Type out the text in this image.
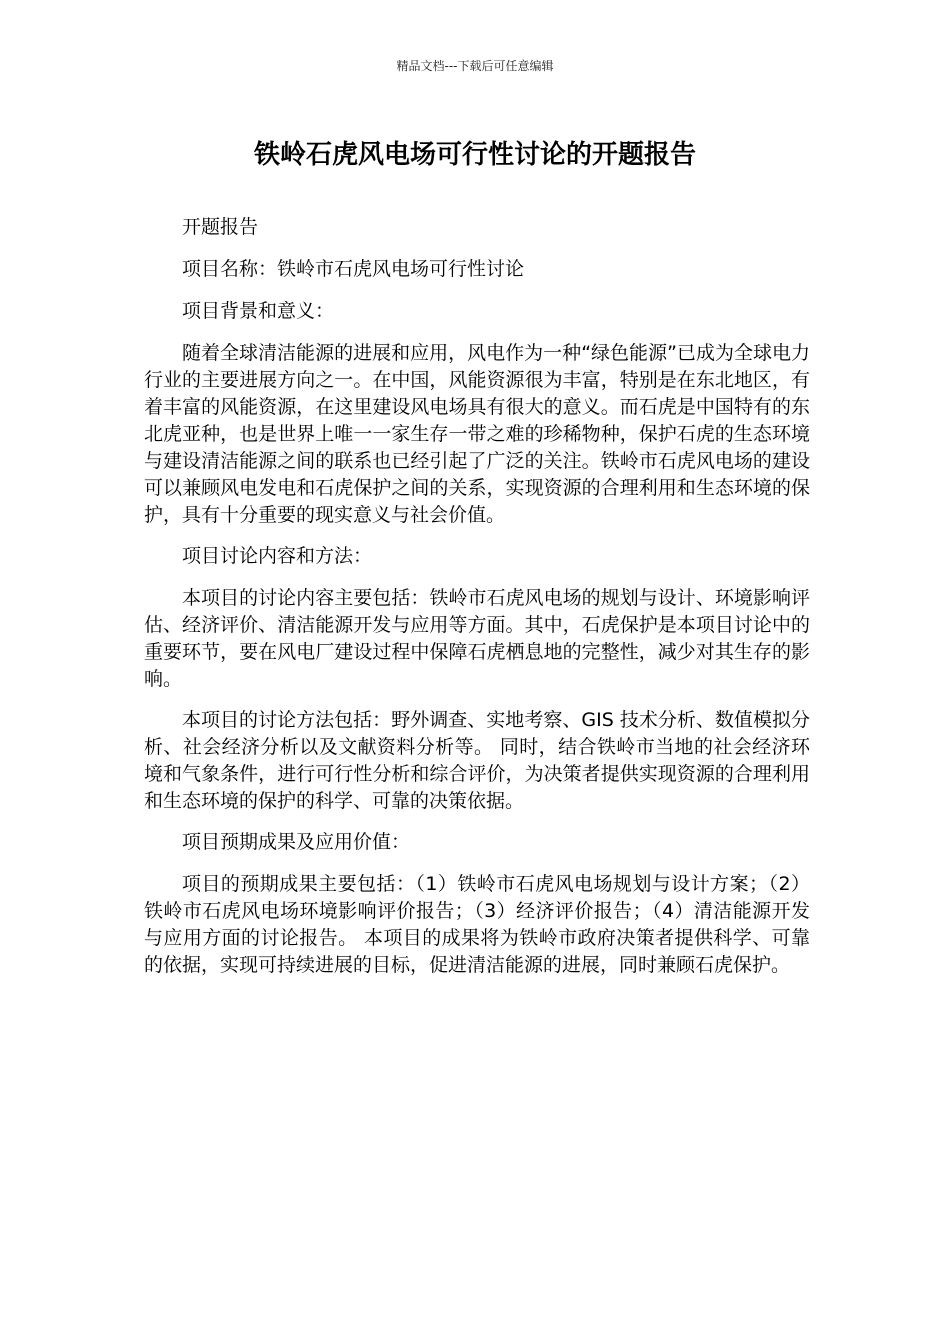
精品文档---下载后可任意编辑
铁岭石虎风电场可行性讨论的开题报告

开题报告

项目名称：铁岭市石虎风电场可行性讨论

项目背景和意义：

随着全球清洁能源的进展和应用，风电作为一种“绿色能源”已成为全球电力行业的主要进展方向之一。在中国，风能资源很为丰富，特别是在东北地区，有着丰富的风能资源，在这里建设风电场具有很大的意义。而石虎是中国特有的东北虎亚种，也是世界上唯一一家生存一带之难的珍稀物种，保护石虎的生态环境与建设清洁能源之间的联系也已经引起了广泛的关注。铁岭市石虎风电场的建设可以兼顾风电发电和石虎保护之间的关系，实现资源的合理利用和生态环境的保护，具有十分重要的现实意义与社会价值。

项目讨论内容和方法：

本项目的讨论内容主要包括：铁岭市石虎风电场的规划与设计、环境影响评估、经济评价、清洁能源开发与应用等方面。其中，石虎保护是本项目讨论中的重要环节，要在风电厂建设过程中保障石虎栖息地的完整性，减少对其生存的影响。

本项目的讨论方法包括：野外调查、实地考察、GIS 技术分析、数值模拟分析、社会经济分析以及文献资料分析等。 同时，结合铁岭市当地的社会经济环境和气象条件，进行可行性分析和综合评价，为决策者提供实现资源的合理利用和生态环境的保护的科学、可靠的决策依据。

项目预期成果及应用价值：

项目的预期成果主要包括：（1）铁岭市石虎风电场规划与设计方案；（2）铁岭市石虎风电场环境影响评价报告；（3）经济评价报告；（4）清洁能源开发与应用方面的讨论报告。 本项目的成果将为铁岭市政府决策者提供科学、可靠的依据，实现可持续进展的目标，促进清洁能源的进展，同时兼顾石虎保护。
